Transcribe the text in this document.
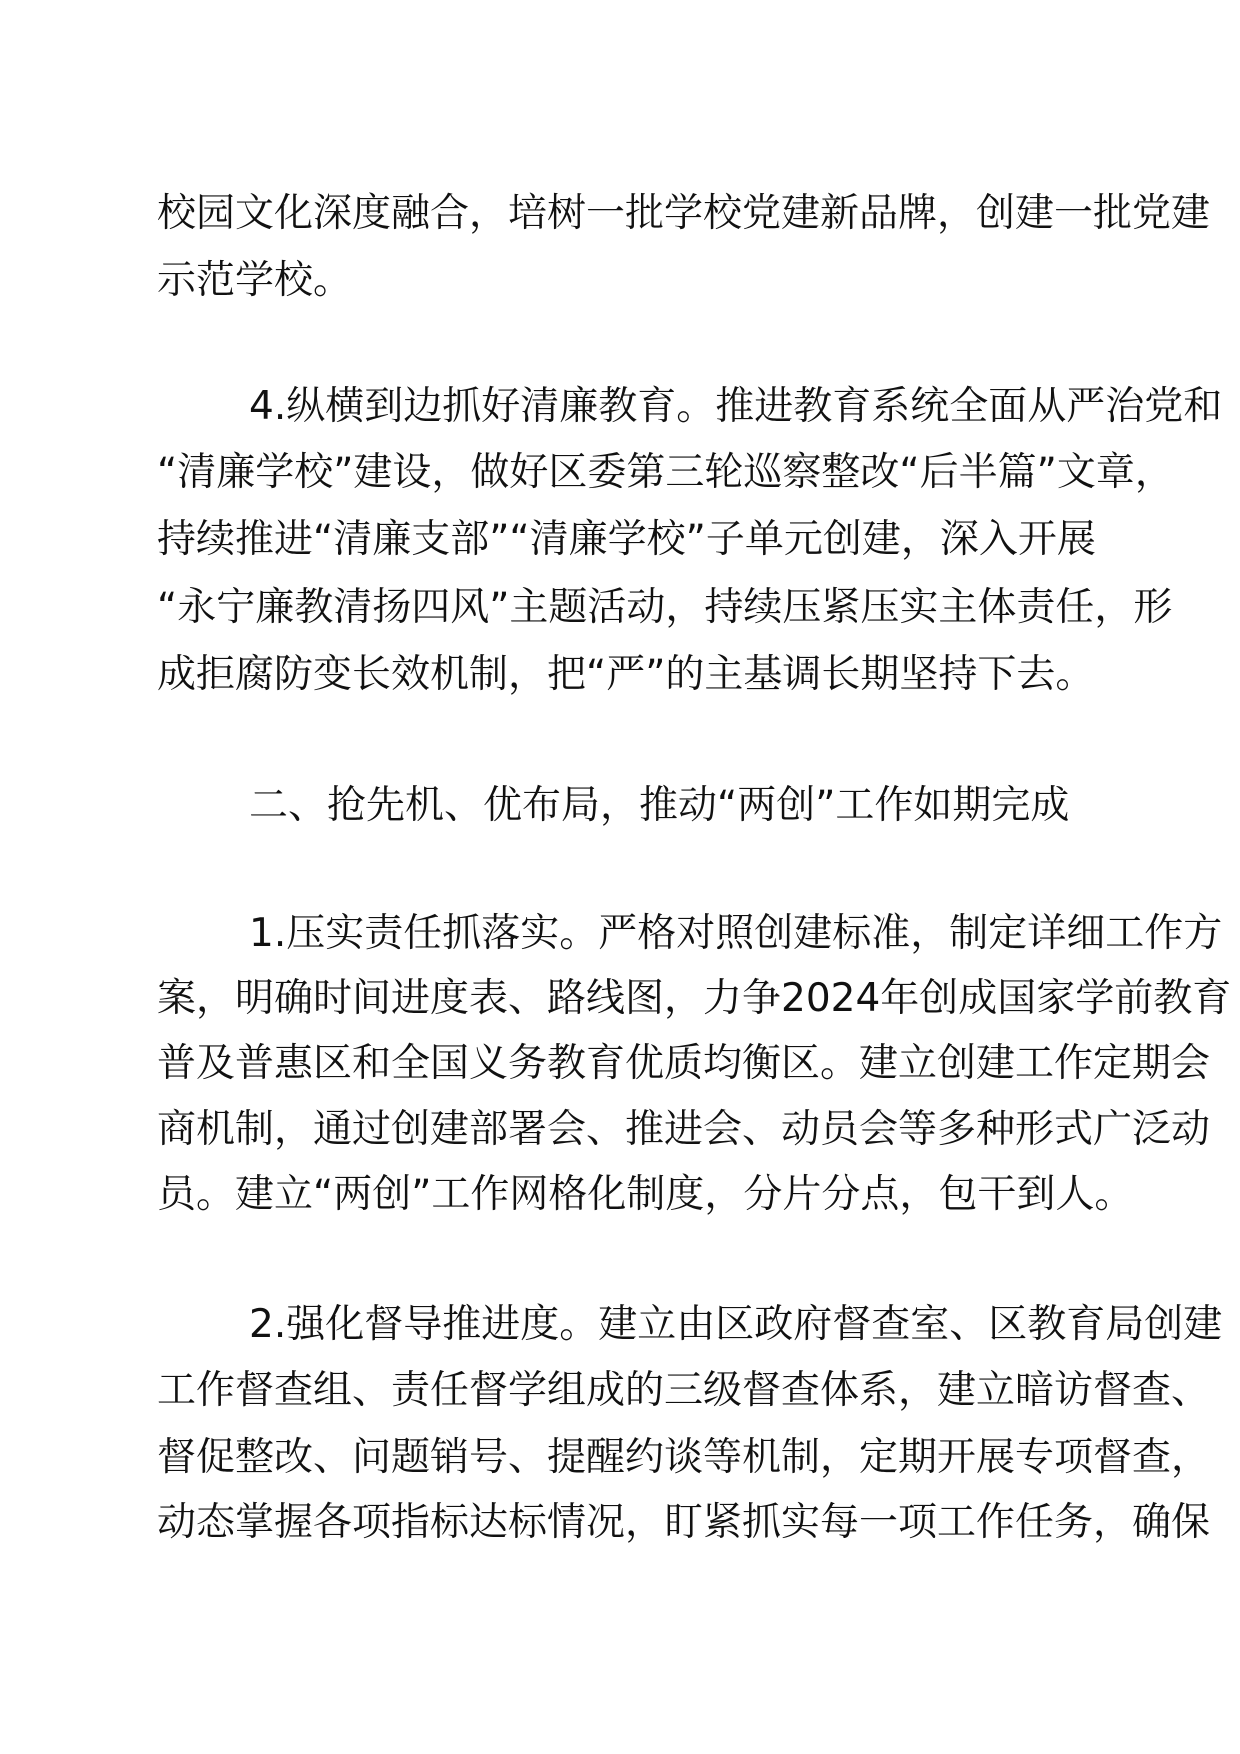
校园文化深度融合，培树一批学校党建新品牌，创建一批党建
示范学校。
4.纵横到边抓好清廉教育。推进教育系统全面从严治党和
“清廉学校”建设，做好区委第三轮巡察整改“后半篇”文章，
持续推进“清廉支部”“清廉学校”子单元创建，深入开展
“永宁廉教清扬四风”主题活动，持续压紧压实主体责任，形
成拒腐防变长效机制，把“严”的主基调长期坚持下去。
二、抢先机、优布局，推动“两创”工作如期完成
1.压实责任抓落实。严格对照创建标准，制定详细工作方
案，明确时间进度表、路线图，力争2024年创成国家学前教育
普及普惠区和全国义务教育优质均衡区。建立创建工作定期会
商机制，通过创建部署会、推进会、动员会等多种形式广泛动
员。建立“两创”工作网格化制度，分片分点，包干到人。
2.强化督导推进度。建立由区政府督查室、区教育局创建
工作督查组、责任督学组成的三级督查体系，建立暗访督查、
督促整改、问题销号、提醒约谈等机制，定期开展专项督查，
动态掌握各项指标达标情况，盯紧抓实每一项工作任务，确保
